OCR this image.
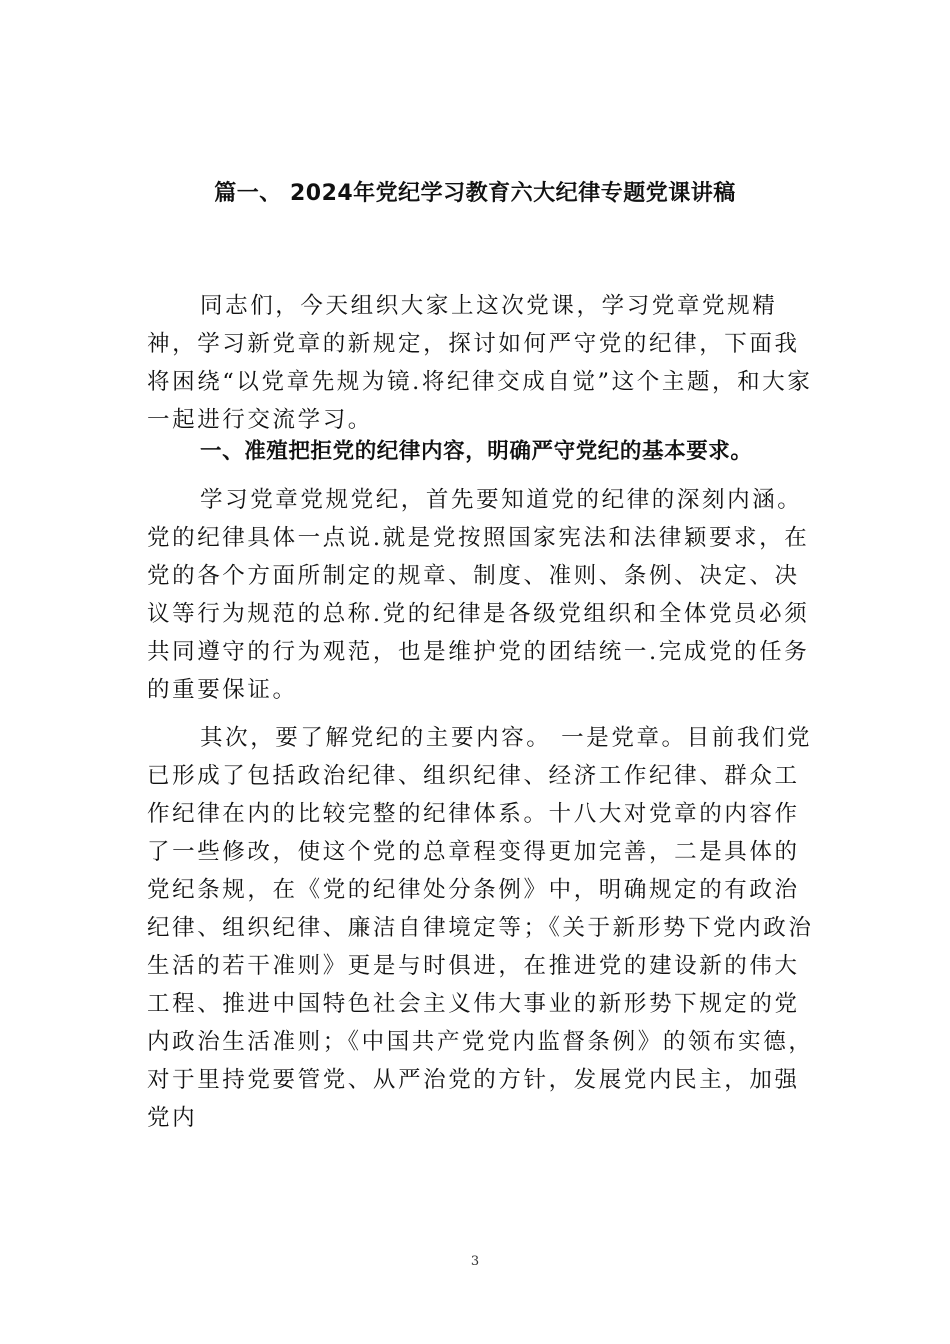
篇一、 2024年党纪学习教育六大纪律专题党课讲稿

同志们，今天组织大家上这次党课，学习党章党规精神，学习新党章的新规定，探讨如何严守党的纪律，下面我将困绕“以党章先规为镜.将纪律交成自觉”这个主题，和大家一起进行交流学习。

一、准殖把拒党的纪律内容，明确严守党纪的基本要求。

学习党章党规党纪，首先要知道党的纪律的深刻内涵。党的纪律具体一点说.就是党按照国家宪法和法律颖要求，在党的各个方面所制定的规章、制度、准则、条例、决定、决议等行为规范的总称.党的纪律是各级党组织和全体党员必须共同遵守的行为观范，也是维护党的团结统一.完成党的任务的重要保证。

其次，要了解党纪的主要内容。 一是党章。目前我们党已形成了包括政治纪律、组织纪律、经济工作纪律、群众工作纪律在内的比较完整的纪律体系。十八大对党章的内容作了一些修改，使这个党的总章程变得更加完善，二是具体的党纪条规，在《党的纪律处分条例》中，明确规定的有政治纪律、组织纪律、廉洁自律境定等；《关于新形势下党内政治生活的若干准则》更是与时俱进，在推进党的建设新的伟大工程、推进中国特色社会主义伟大事业的新形势下规定的党内政治生活准则；《中国共产党党内监督条例》的领布实德，对于里持党要管党、从严治党的方针，发展党内民主，加强党内

3
